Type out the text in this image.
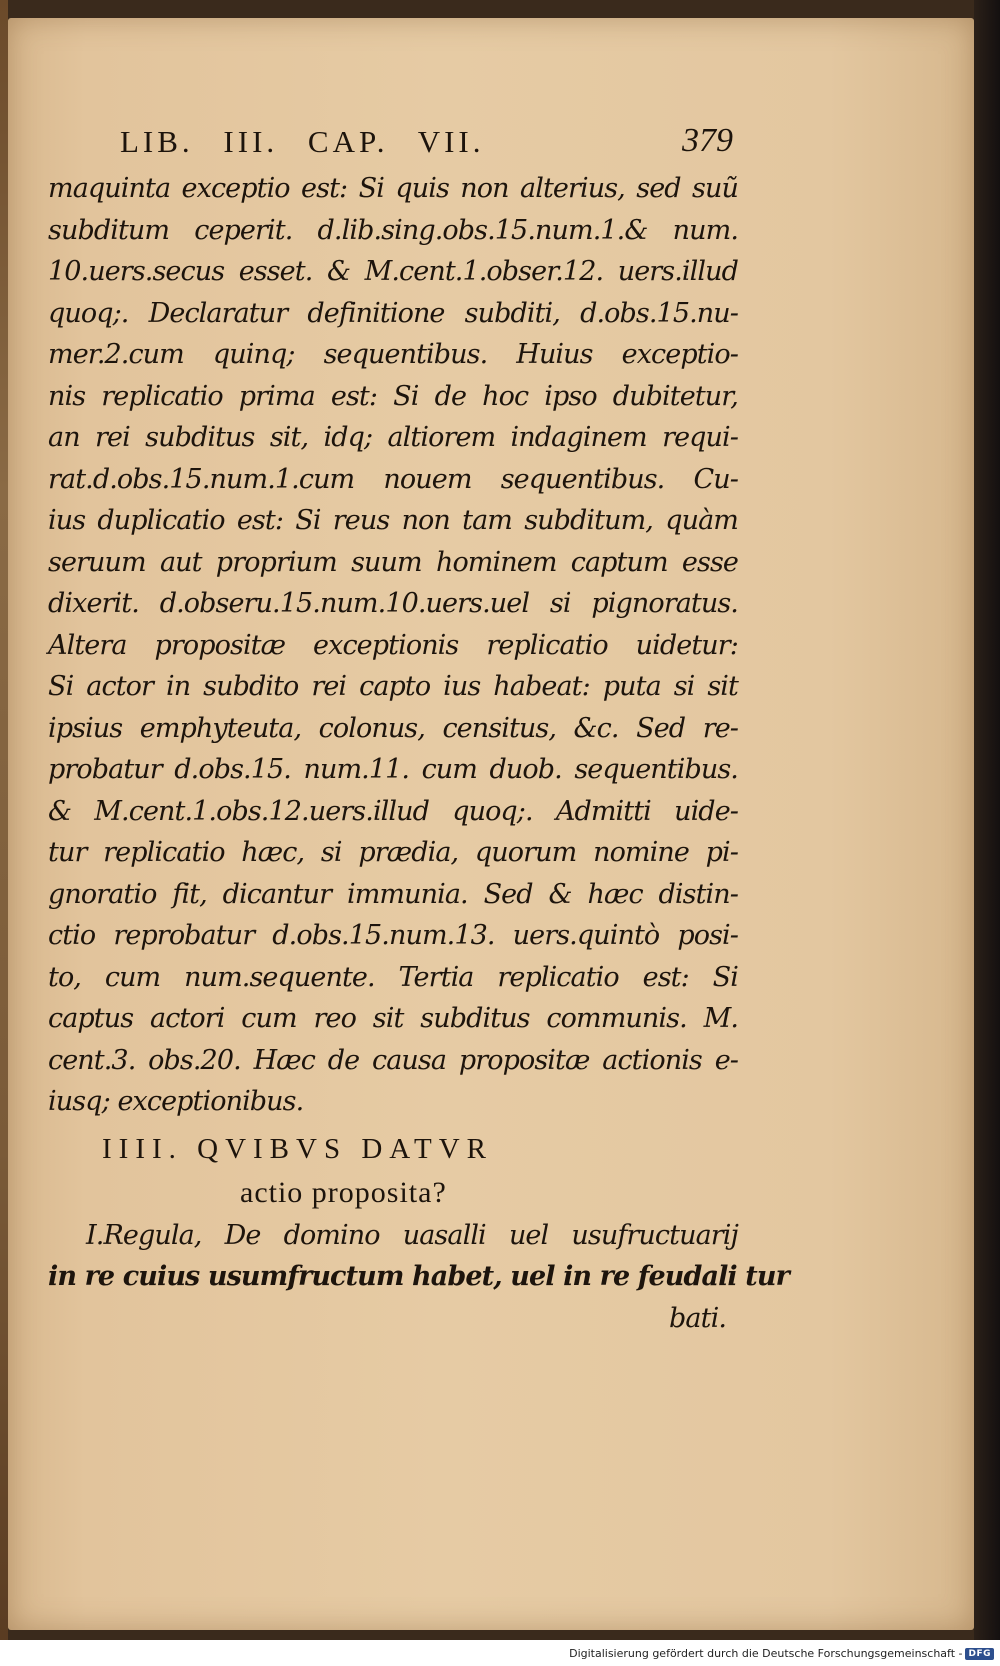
LIB. III. CAP. VII.	379
maquinta exceptio est: Si quis non alterius, sed suũ
subditum ceperit. d.lib.sing.obs.15.num.1.& num.
10.uers.secus esset. & M.cent.1.obser.12. uers.illud
quoq;. Declaratur definitione subditi, d.obs.15.nu-
mer.2.cum quinq; sequentibus. Huius exceptio-
nis replicatio prima est: Si de hoc ipso dubitetur,
an rei subditus sit, idq; altiorem indaginem requi-
rat.d.obs.15.num.1.cum nouem sequentibus. Cu-
ius duplicatio est: Si reus non tam subditum, quàm
seruum aut proprium suum hominem captum esse
dixerit. d.obseru.15.num.10.uers.uel si pignoratus.
Altera propositæ exceptionis replicatio uidetur:
Si actor in subdito rei capto ius habeat: puta si sit
ipsius emphyteuta, colonus, censitus, &c. Sed re-
probatur d.obs.15. num.11. cum duob. sequentibus.
& M.cent.1.obs.12.uers.illud quoq;. Admitti uide-
tur replicatio hæc, si prædia, quorum nomine pi-
gnoratio fit, dicantur immunia. Sed & hæc distin-
ctio reprobatur d.obs.15.num.13. uers.quintò posi-
to, cum num.sequente. Tertia replicatio est: Si
captus actori cum reo sit subditus communis. M.
cent.3. obs.20. Hæc de causa propositæ actionis e-
iusq; exceptionibus.
IIII. QVIBVS DATVR
actio proposita?
I.Regula, De domino uasalli uel usufructuarij
in re cuius usumfructum habet, uel in re feudali tur
bati.
Digitalisierung gefördert durch die Deutsche Forschungsgemeinschaft - DFG
